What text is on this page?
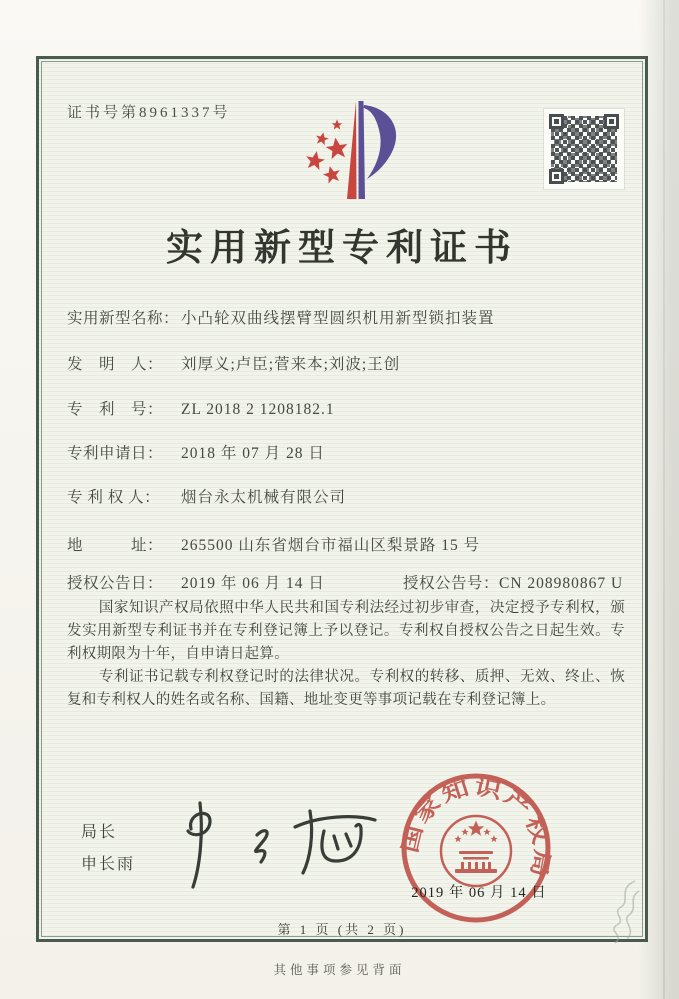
证书号第8961337号
实用新型专利证书
实用新型名称： 小凸轮双曲线摆臂型圆织机用新型锁扣装置
发　明　人： 刘厚义;卢臣;菅来本;刘波;王创
专　利　号： ZL 2018 2 1208182.1
专利申请日： 2018 年 07 月 28 日
专 利 权 人： 烟台永太机械有限公司
地　　　址： 265500 山东省烟台市福山区梨景路 15 号
授权公告日： 2019 年 06 月 14 日	授权公告号：CN 208980867 U

国家知识产权局依照中华人民共和国专利法经过初步审查，决定授予专利权，颁发实用新型专利证书并在专利登记簿上予以登记。专利权自授权公告之日起生效。专利权期限为十年，自申请日起算。

专利证书记载专利权登记时的法律状况。专利权的转移、质押、无效、终止、恢复和专利权人的姓名或名称、国籍、地址变更等事项记载在专利登记簿上。

局长
申长雨
国家知识产权局
2019 年 06 月 14 日
第 1 页 (共 2 页)
其他事项参见背面
